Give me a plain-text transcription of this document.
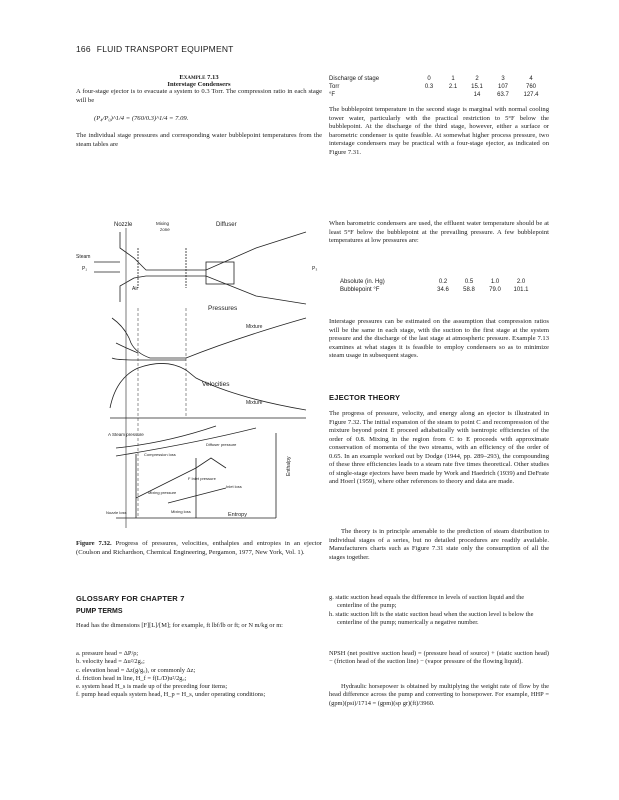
166 FLUID TRANSPORT EQUIPMENT
Example 7.13
Interstage Condensers
A four-stage ejector is to evacuate a system to 0.3 Torr. The compression ratio in each stage will be
(P₄/P₀)^1/4 = (760/0.3)^1/4 = 7.09.
The individual stage pressures and corresponding water bubblepoint temperatures from the steam tables are
Discharge of stage	0	1	2	3	4
Torr	0.3	2.1	15.1	107	760
°F			14	63.7	127.4
The bubblepoint temperature in the second stage is marginal with normal cooling tower water, particularly with the practical restriction to 5°F below the bubblepoint. At the discharge of the third stage, however, either a surface or barometric condenser is quite feasible. At somewhat higher process pressure, two interstage condensers may be practical with a four-stage ejector, as indicated on Figure 7.31.
Nozzle	Mixing
zone
Diffuser
Steam
Air
P₃
P₁
Pressures
Mixture
Velocities
Mixture
A Steam pressure
Compression loss
Diffuser pressure
F Inlet pressure
Inlet loss
Mixing pressure
Mixing loss
Nozzle loss	Entropy
Enthalpy
Figure 7.32. Progress of pressures, velocities, enthalpies and entropies in an ejector (Coulson and Richardson, Chemical Engineering, Pergamon, 1977, New York, Vol. 1).
When barometric condensers are used, the effluent water temperature should be at least 5°F below the bubblepoint at the prevailing pressure. A few bubblepoint temperatures at low pressures are:
Absolute (in. Hg)	0.2	0.5	1.0	2.0
Bubblepoint °F	34.6	58.8	79.0	101.1
Interstage pressures can be estimated on the assumption that compression ratios will be the same in each stage, with the suction to the first stage at the system pressure and the discharge of the last stage at atmospheric pressure. Example 7.13 examines at what stages it is feasible to employ condensers so as to minimize steam usage in subsequent stages.
EJECTOR THEORY
The progress of pressure, velocity, and energy along an ejector is illustrated in Figure 7.32. The initial expansion of the steam to point C and recompression of the mixture beyond point E proceed adiabatically with isentropic efficiencies of the order of 0.8. Mixing in the region from C to E proceeds with approximate conservation of momenta of the two streams, with an efficiency of the order of 0.65. In an example worked out by Dodge (1944, pp. 289–293), the compounding of these three efficiencies leads to a steam rate five times theoretical. Other studies of single-stage ejectors have been made by Work and Haedrich (1939) and DeFrate and Hoerl (1959), where other references to theory and data are made.
The theory is in principle amenable to the prediction of steam distribution to individual stages of a series, but no detailed procedures are readily available. Manufacturers charts such as Figure 7.31 state only the consumption of all the stages together.
GLOSSARY FOR CHAPTER 7
PUMP TERMS
Head has the dimensions [F][L]/[M]; for example, ft lbf/lb or ft; or N m/kg or m:
a. pressure head = ΔP/ρ;
b. velocity head = Δu²/2g꜀;
c. elevation head = Δz(g/g꜀), or commonly Δz;
d. friction head in line, H_f = f(L/D)u²/2g꜀;
e. system head H_s is made up of the preceding four items;
f. pump head equals system head, H_p = H_s, under operating conditions;
g. static suction head equals the difference in levels of suction liquid and the centerline of the pump;
h. static suction lift is the static suction head when the suction level is below the centerline of the pump; numerically a negative number.
NPSH (net positive suction head) = (pressure head of source) + (static suction head) − (friction head of the suction line) − (vapor pressure of the flowing liquid).
Hydraulic horsepower is obtained by multiplying the weight rate of flow by the head difference across the pump and converting to horsepower. For example, HHP = (gpm)(psi)/1714 = (gpm)(sp gr)(ft)/3960.
